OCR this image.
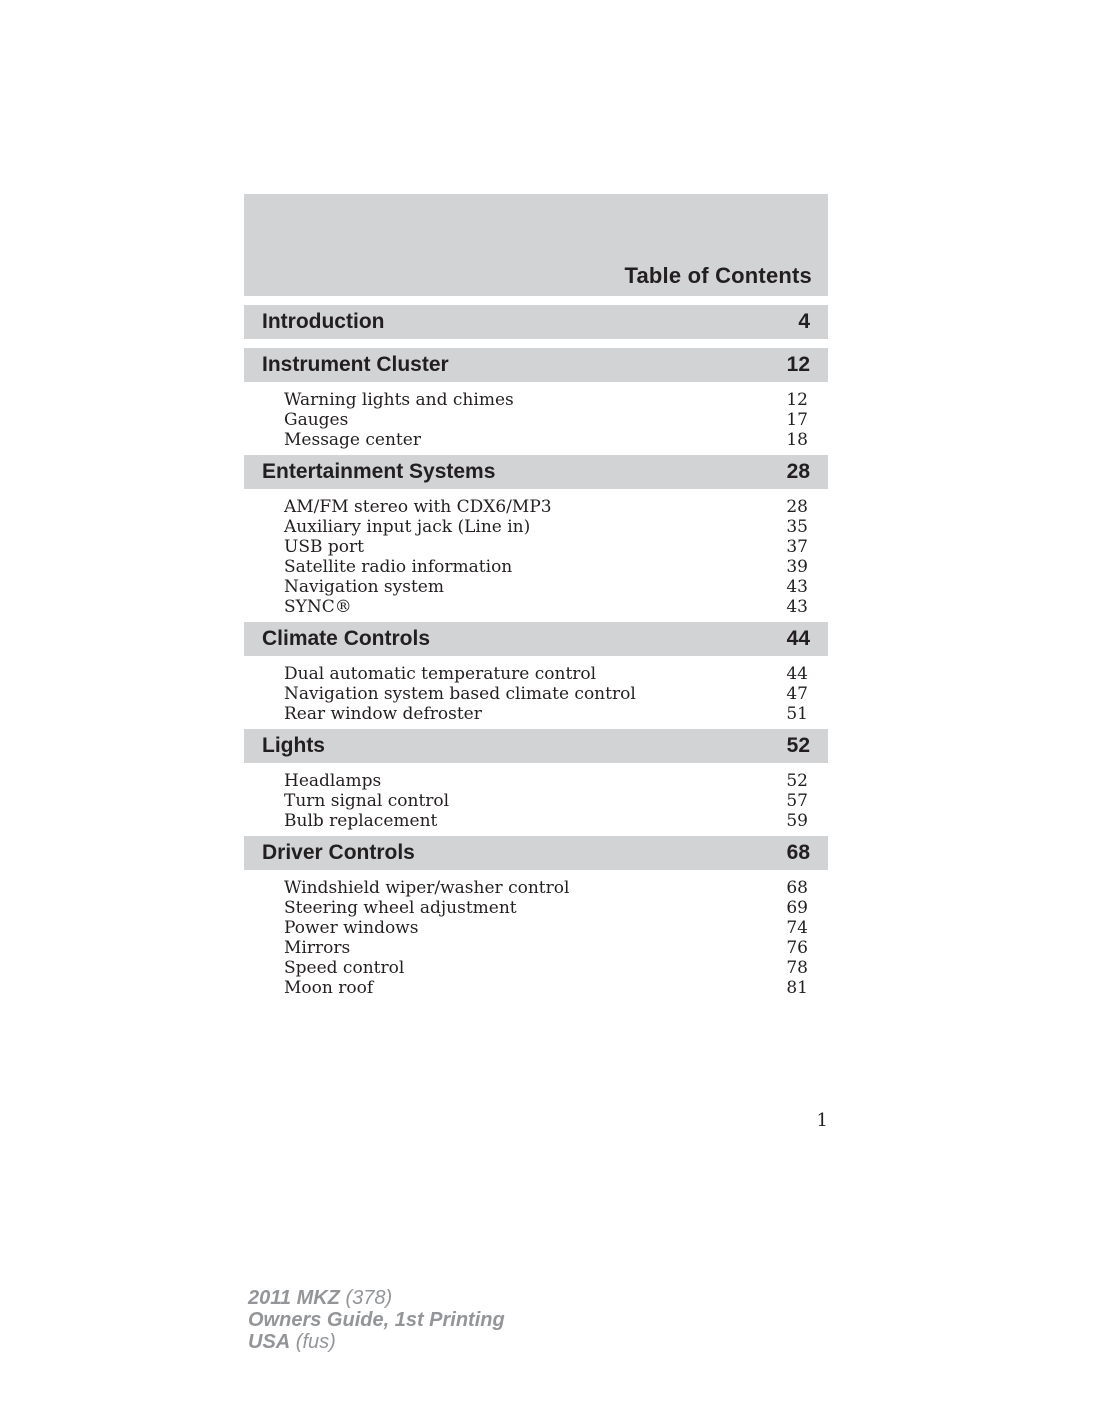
Table of Contents
Introduction	4
Instrument Cluster	12
Warning lights and chimes	12
Gauges	17
Message center	18
Entertainment Systems	28
AM/FM stereo with CDX6/MP3	28
Auxiliary input jack (Line in)	35
USB port	37
Satellite radio information	39
Navigation system	43
SYNC®	43
Climate Controls	44
Dual automatic temperature control	44
Navigation system based climate control	47
Rear window defroster	51
Lights	52
Headlamps	52
Turn signal control	57
Bulb replacement	59
Driver Controls	68
Windshield wiper/washer control	68
Steering wheel adjustment	69
Power windows	74
Mirrors	76
Speed control	78
Moon roof	81
1
2011 MKZ (378)
Owners Guide, 1st Printing
USA (fus)
